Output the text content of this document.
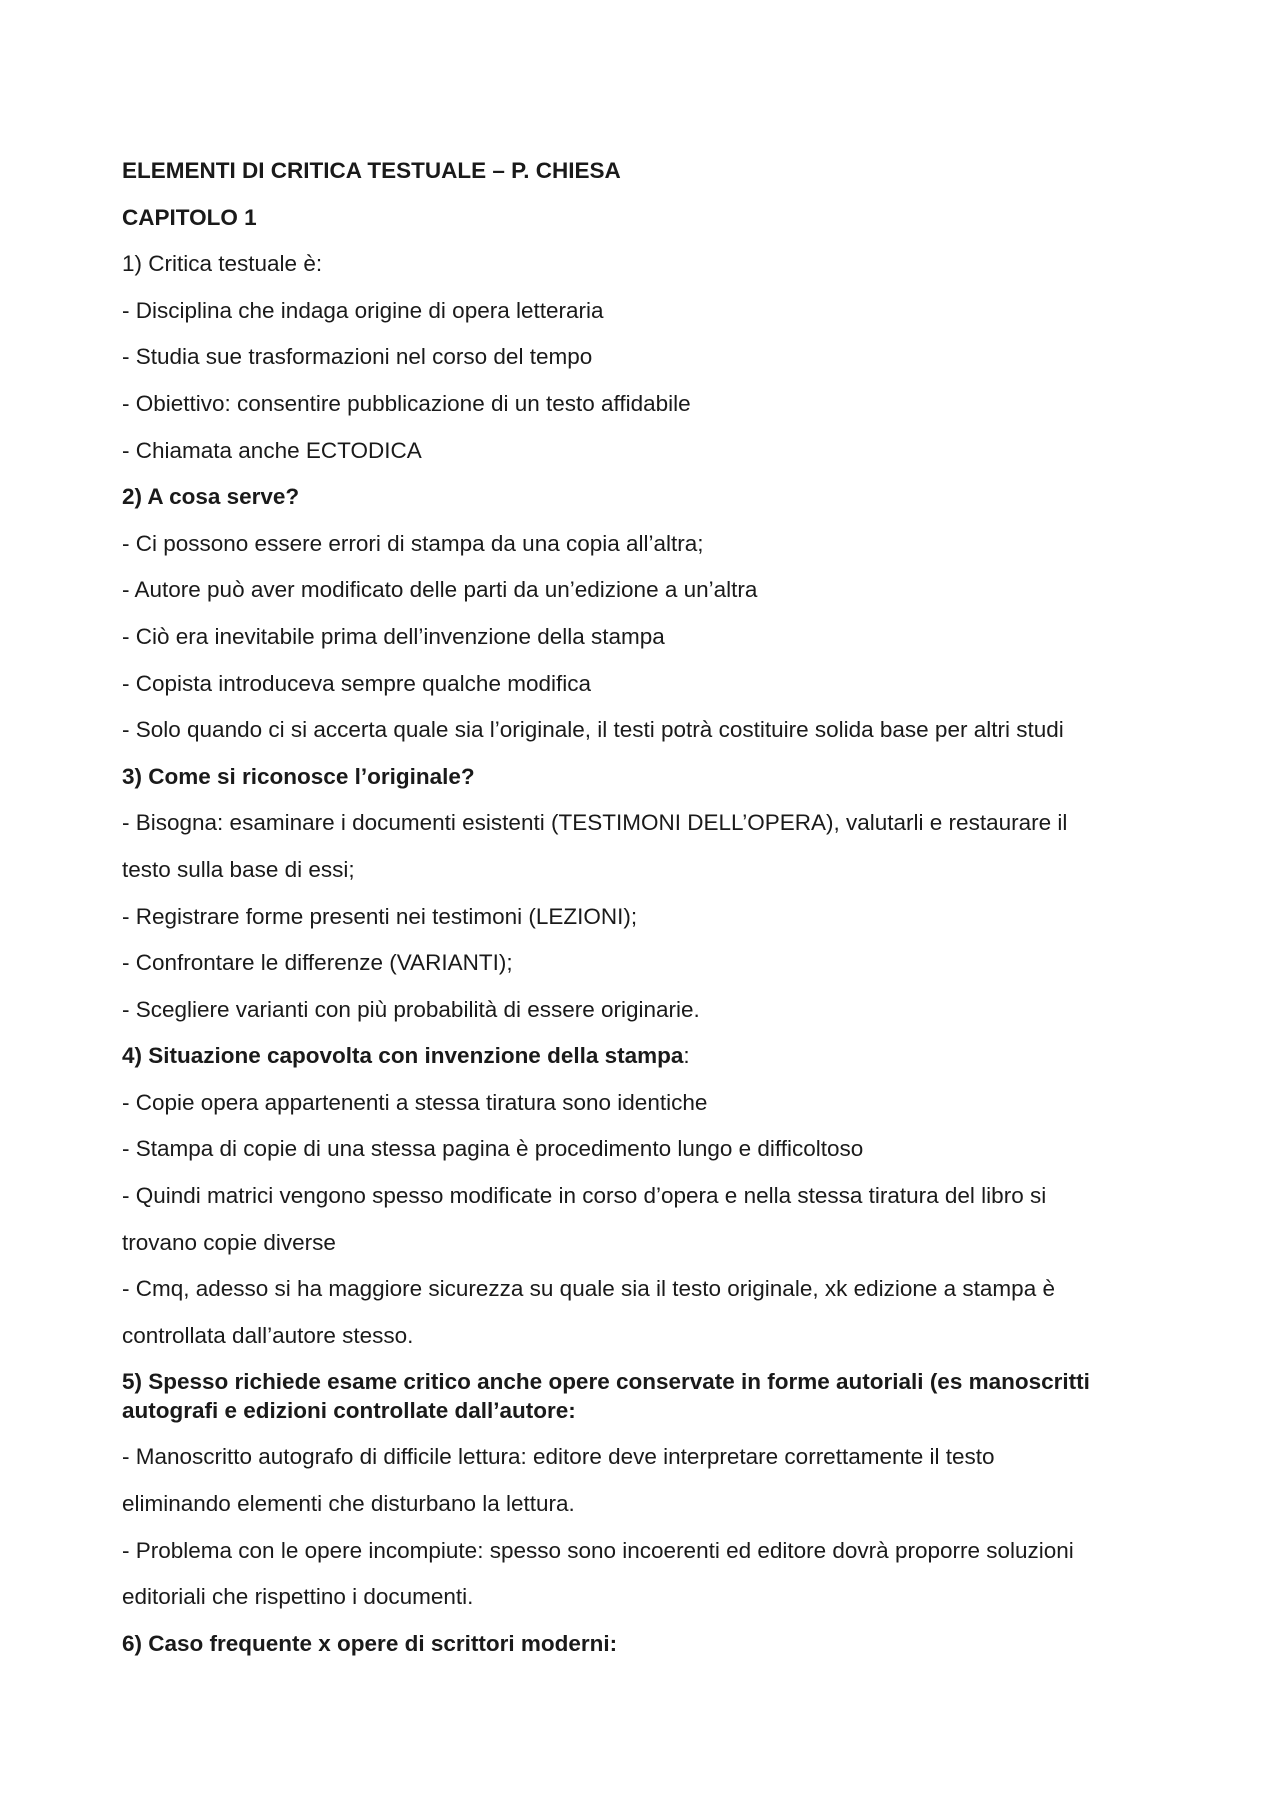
ELEMENTI DI CRITICA TESTUALE – P. CHIESA
CAPITOLO 1
1) Critica testuale è:
- Disciplina che indaga origine di opera letteraria
- Studia sue trasformazioni nel corso del tempo
- Obiettivo: consentire pubblicazione di un testo affidabile
- Chiamata anche ECTODICA
2) A cosa serve?
- Ci possono essere errori di stampa da una copia all’altra;
- Autore può aver modificato delle parti da un’edizione a un’altra
- Ciò era inevitabile prima dell’invenzione della stampa
- Copista introduceva sempre qualche modifica
- Solo quando ci si accerta quale sia l’originale, il testi potrà costituire solida base per altri studi
3) Come si riconosce l’originale?
- Bisogna: esaminare i documenti esistenti (TESTIMONI DELL’OPERA), valutarli e restaurare il
testo sulla base di essi;
- Registrare forme presenti nei testimoni (LEZIONI);
- Confrontare le differenze (VARIANTI);
- Scegliere varianti con più probabilità di essere originarie.
4) Situazione capovolta con invenzione della stampa:
- Copie opera appartenenti a stessa tiratura sono identiche
- Stampa di copie di una stessa pagina è procedimento lungo e difficoltoso
- Quindi matrici vengono spesso modificate in corso d’opera e nella stessa tiratura del libro si
trovano copie diverse
- Cmq, adesso si ha maggiore sicurezza su quale sia il testo originale, xk edizione a stampa è
controllata dall’autore stesso.
5) Spesso richiede esame critico anche opere conservate in forme autoriali (es manoscritti
autografi e edizioni controllate dall’autore:
- Manoscritto autografo di difficile lettura: editore deve interpretare correttamente il testo
eliminando elementi che disturbano la lettura.
- Problema con le opere incompiute: spesso sono incoerenti ed editore dovrà proporre soluzioni
editoriali che rispettino i documenti.
6) Caso frequente x opere di scrittori moderni:
